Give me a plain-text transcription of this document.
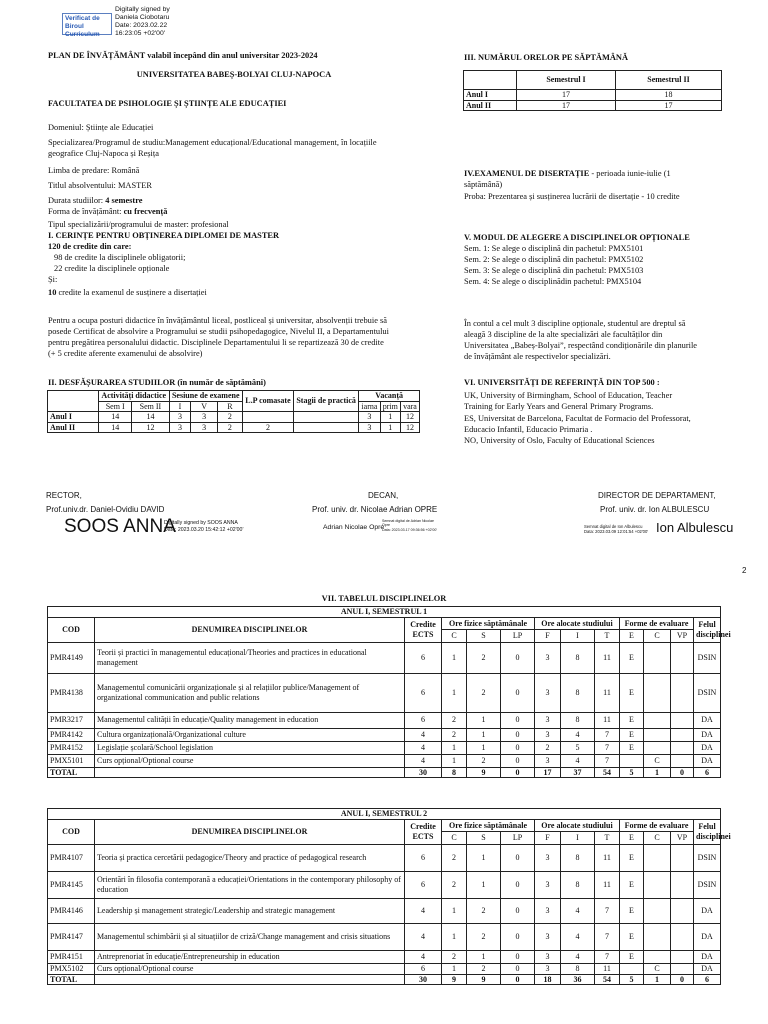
Verificat de
Biroul Curriculum
Digitally signed by
Daniela Ciobotaru
Date: 2023.02.22
16:23:05 +02'00'
PLAN DE ÎNVĂȚĂMÂNT valabil începând din anul universitar 2023-2024
UNIVERSITATEA BABEȘ-BOLYAI CLUJ-NAPOCA
FACULTATEA DE PSIHOLOGIE ȘI ȘTIINȚE ALE EDUCAȚIEI
Domeniul: Științe ale Educației
Specializarea/Programul de studiu:Management educațional/Educational management, în locațiile
geografice Cluj-Napoca și Reșița
Limba de predare: Română
Titlul absolventului: MASTER
Durata studiilor: 4 semestre
Forma de învățământ: cu frecvență
Tipul specializării/programului de master: profesional
I. CERINȚE PENTRU OBȚINEREA DIPLOMEI DE MASTER
120 de credite din care:
98 de credite la disciplinele obligatorii;
22 credite la disciplinele opționale
Și:
10 credite la examenul de susținere a disertației
Pentru a ocupa posturi didactice în învățământul liceal, postliceal și universitar, absolvenții trebuie să
posede Certificat de absolvire a Programului se studii psihopedagogice, Nivelul II, a Departamentului
pentru pregătirea personalului didactic. Disciplinele Departamentului li se repartizează 30 de credite
(+ 5 credite aferente examenului de absolvire)
II. DESFĂȘURAREA STUDIILOR (în număr de săptămâni)
	Activități didactice		Sesiune de examene			L.P comasate	Stagii de practică	Vacanță		
	Sem I	Sem II	I	V	R			iarna	prim	vara
Anul I	14	14	3	3	2			3	1	12
Anul II	14	12	3	3	2	2		3	1	12
III. NUMĂRUL ORELOR PE SĂPTĂMÂNĂ
	Semestrul I	Semestrul II
Anul I	17	18
Anul II	17	17
IV.EXAMENUL DE DISERTAȚIE - perioada iunie-iulie (1
săptămână)
Proba: Prezentarea și susținerea lucrării de disertație - 10 credite
V. MODUL DE ALEGERE A DISCIPLINELOR OPȚIONALE
Sem. 1: Se alege o disciplină din pachetul: PMX5101
Sem. 2: Se alege o disciplină din pachetul: PMX5102
Sem. 3: Se alege o disciplină din pachetul: PMX5103
Sem. 4: Se alege o disciplinădin pachetul: PMX5104
În contul a cel mult 3 discipline opționale, studentul are dreptul să
aleagă 3 discipline de la alte specializări ale facultăților din
Universitatea „Babeș-Bolyai”, respectând condiționările din planurile
de învățământ ale respectivelor specializări.
VI. UNIVERSITĂȚI DE REFERINȚĂ DIN TOP 500 :
UK, University of Birmingham, School of Education, Teacher
Training for Early Years and General Primary Programs.
ES, Universitat de Barcelona, Facultat de Formacio del Professorat,
Educacio Infantil, Educacio Primaria .
NO, University of Oslo, Faculty of Educational Sciences
RECTOR,
Prof.univ.dr. Daniel-Ovidiu DAVID
SOOS ANNA
Digitally signed by SOOS ANNA
Date: 2023.03.20 15:42:12 +02'00'
DECAN,
Prof. univ. dr. Nicolae Adrian OPRE
Adrian Nicolae Opre
Semnat digital de Adrian Nicolae
Opre
Data: 2023.03.17 09:36:56 +02'00'
DIRECTOR DE DEPARTAMENT,
Prof. univ. dr. Ion ALBULESCU
Semnat digital de Ion Albulescu
Data: 2023.03.09 12:01:54 +02'00' Ion Albulescu
2
VII. TABELUL DISCIPLINELOR
ANUL I, SEMESTRUL 1												
COD	DENUMIREA DISCIPLINELOR	Credite ECTS	Ore fizice săptămânale			Ore alocate studiului			Forme de evaluare			Felul disciplinei
			C	S	LP	F	I	T	E	C	VP	
PMR4149	Teorii și practici în managementul educațional/Theories and practices in educational management	6	1	2	0	3	8	11	E			DSIN
PMR4138	Managementul comunicării organizaționale și al relațiilor publice/Management of organizational communication and public relations	6	1	2	0	3	8	11	E			DSIN
PMR3217	Managementul calității în educație/Quality management in education	6	2	1	0	3	8	11	E			DA
PMR4142	Cultura organizațională/Organizational culture	4	2	1	0	3	4	7	E			DA
PMR4152	Legislație școlară/School legislation	4	1	1	0	2	5	7	E			DA
PMX5101	Curs opțional/Optional course	4	1	2	0	3	4	7		C		DA
TOTAL		30	8	9	0	17	37	54	5	1	0	6
ANUL I, SEMESTRUL 2												
COD	DENUMIREA DISCIPLINELOR	Credite ECTS	Ore fizice săptămânale			Ore alocate studiului			Forme de evaluare			Felul disciplinei
			C	S	LP	F	I	T	E	C	VP	
PMR4107	Teoria și practica cercetării pedagogice/Theory and practice of pedagogical research	6	2	1	0	3	8	11	E			DSIN
PMR4145	Orientări în filosofia contemporană a educației/Orientations in the contemporary philosophy of education	6	2	1	0	3	8	11	E			DSIN
PMR4146	Leadership și management strategic/Leadership and strategic management	4	1	2	0	3	4	7	E			DA
PMR4147	Managementul schimbării și al situațiilor de criză/Change management and crisis situations	4	1	2	0	3	4	7	E			DA
PMR4151	Antreprenoriat în educație/Entrepreneurship in education	4	2	1	0	3	4	7	E			DA
PMX5102	Curs opțional/Optional course	6	1	2	0	3	8	11		C		DA
TOTAL		30	9	9	0	18	36	54	5	1	0	6
